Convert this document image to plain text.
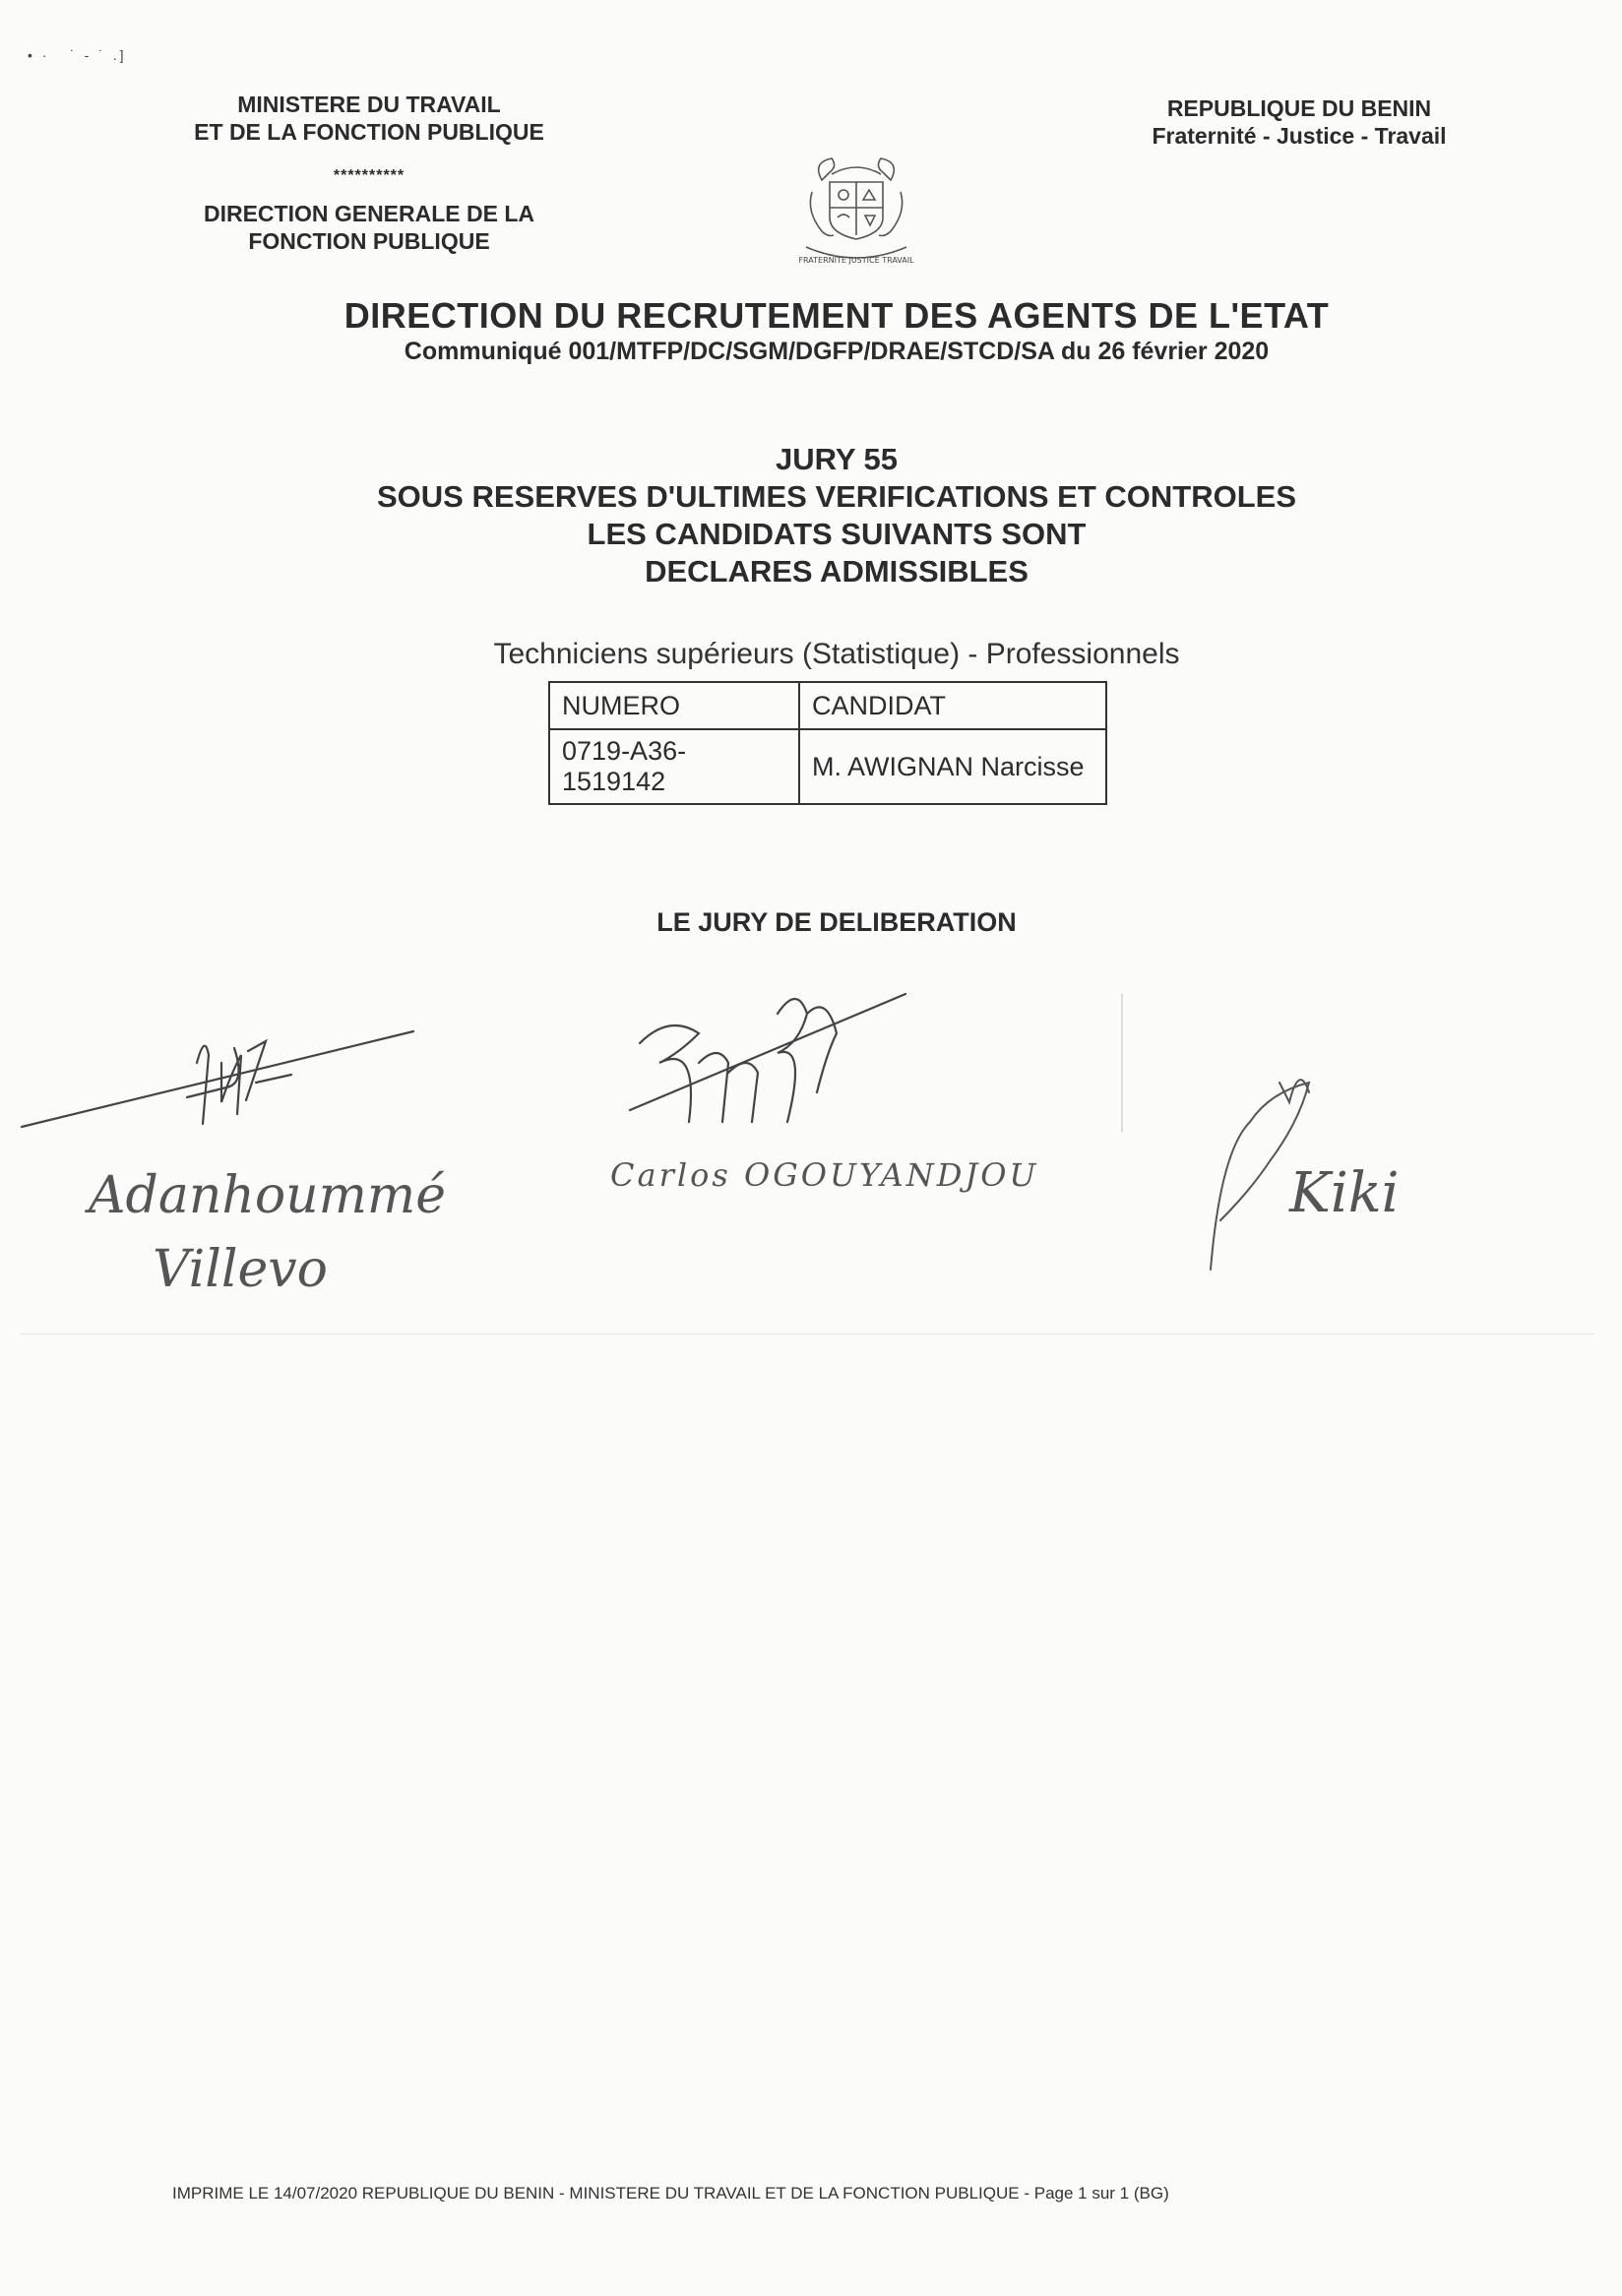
• ·   ˙ ‐ ˙ .]
MINISTERE DU TRAVAIL
ET DE LA FONCTION PUBLIQUE
**********
DIRECTION GENERALE DE LA
FONCTION PUBLIQUE
REPUBLIQUE DU BENIN
Fraternité - Justice - Travail
FRATERNITE JUSTICE TRAVAIL
DIRECTION DU RECRUTEMENT DES AGENTS DE L'ETAT
Communiqué 001/MTFP/DC/SGM/DGFP/DRAE/STCD/SA du 26 février 2020
JURY 55
SOUS RESERVES D'ULTIMES VERIFICATIONS ET CONTROLES
LES CANDIDATS SUIVANTS SONT
DECLARES ADMISSIBLES
Techniciens supérieurs (Statistique) - Professionnels
NUMERO	CANDIDAT
0719-A36-1519142	M. AWIGNAN Narcisse
LE JURY DE DELIBERATION
Adanhoummé
Villevo
Carlos OGOUYANDJOU	Kiki
IMPRIME LE 14/07/2020 REPUBLIQUE DU BENIN - MINISTERE DU TRAVAIL ET DE LA FONCTION PUBLIQUE - Page 1 sur 1 (BG)
